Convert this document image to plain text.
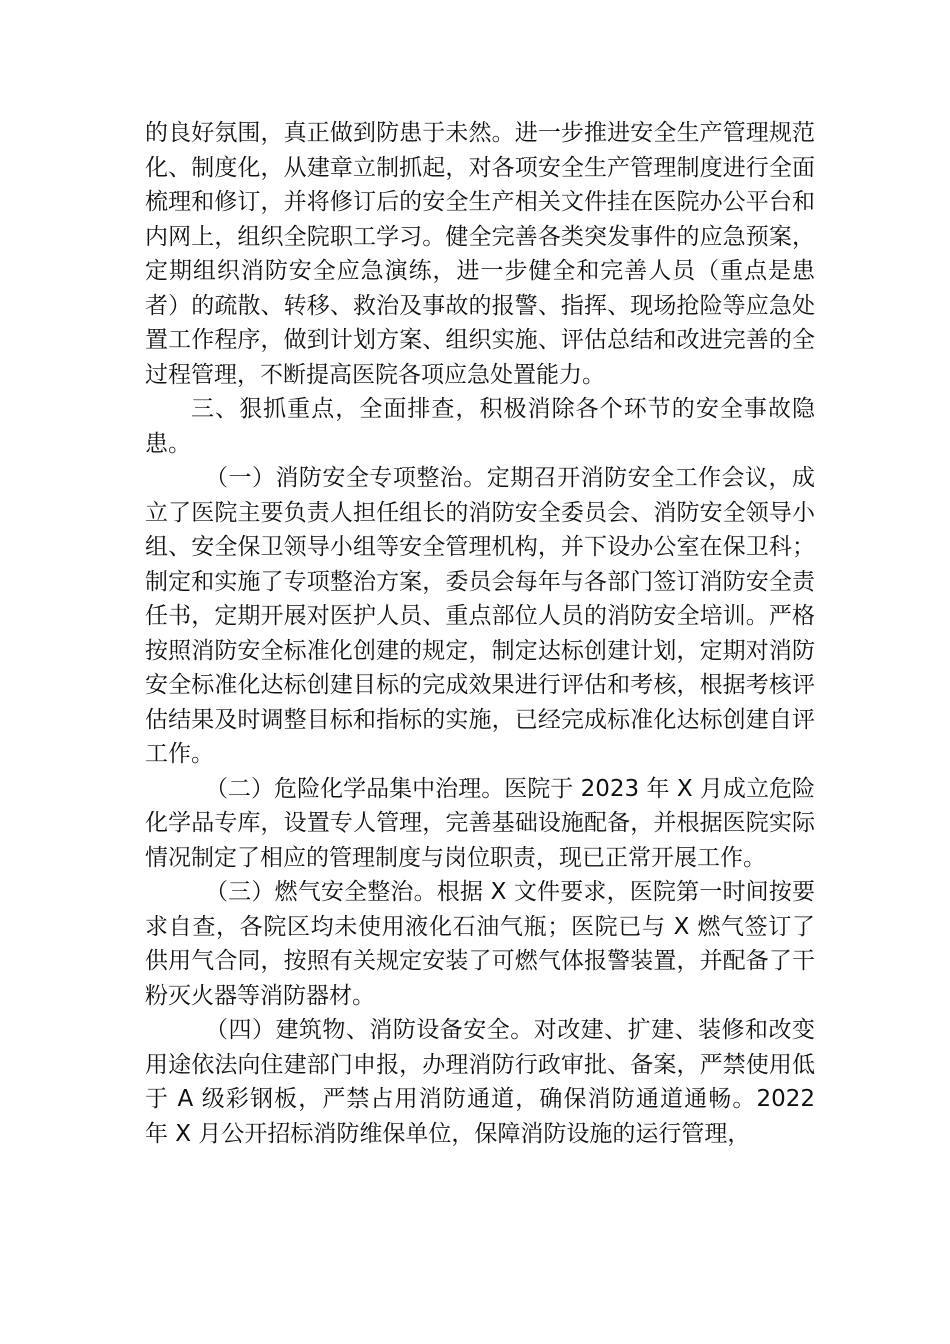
的良好氛围，真正做到防患于未然。进一步推进安全生产管理规范化、制度化，从建章立制抓起，对各项安全生产管理制度进行全面梳理和修订，并将修订后的安全生产相关文件挂在医院办公平台和内网上，组织全院职工学习。健全完善各类突发事件的应急预案，定期组织消防安全应急演练，进一步健全和完善人员（重点是患者）的疏散、转移、救治及事故的报警、指挥、现场抢险等应急处置工作程序，做到计划方案、组织实施、评估总结和改进完善的全过程管理，不断提高医院各项应急处置能力。

三、狠抓重点，全面排查，积极消除各个环节的安全事故隐患。

（一）消防安全专项整治。定期召开消防安全工作会议，成立了医院主要负责人担任组长的消防安全委员会、消防安全领导小组、安全保卫领导小组等安全管理机构，并下设办公室在保卫科；制定和实施了专项整治方案，委员会每年与各部门签订消防安全责任书，定期开展对医护人员、重点部位人员的消防安全培训。严格按照消防安全标准化创建的规定，制定达标创建计划，定期对消防安全标准化达标创建目标的完成效果进行评估和考核，根据考核评估结果及时调整目标和指标的实施，已经完成标准化达标创建自评工作。

（二）危险化学品集中治理。医院于 2023 年 X 月成立危险化学品专库，设置专人管理，完善基础设施配备，并根据医院实际情况制定了相应的管理制度与岗位职责，现已正常开展工作。

（三）燃气安全整治。根据 X 文件要求，医院第一时间按要求自查，各院区均未使用液化石油气瓶；医院已与 X 燃气签订了供用气合同，按照有关规定安装了可燃气体报警装置，并配备了干粉灭火器等消防器材。

（四）建筑物、消防设备安全。对改建、扩建、装修和改变用途依法向住建部门申报，办理消防行政审批、备案，严禁使用低于 A 级彩钢板，严禁占用消防通道，确保消防通道通畅。2022 年 X 月公开招标消防维保单位，保障消防设施的运行管理，
